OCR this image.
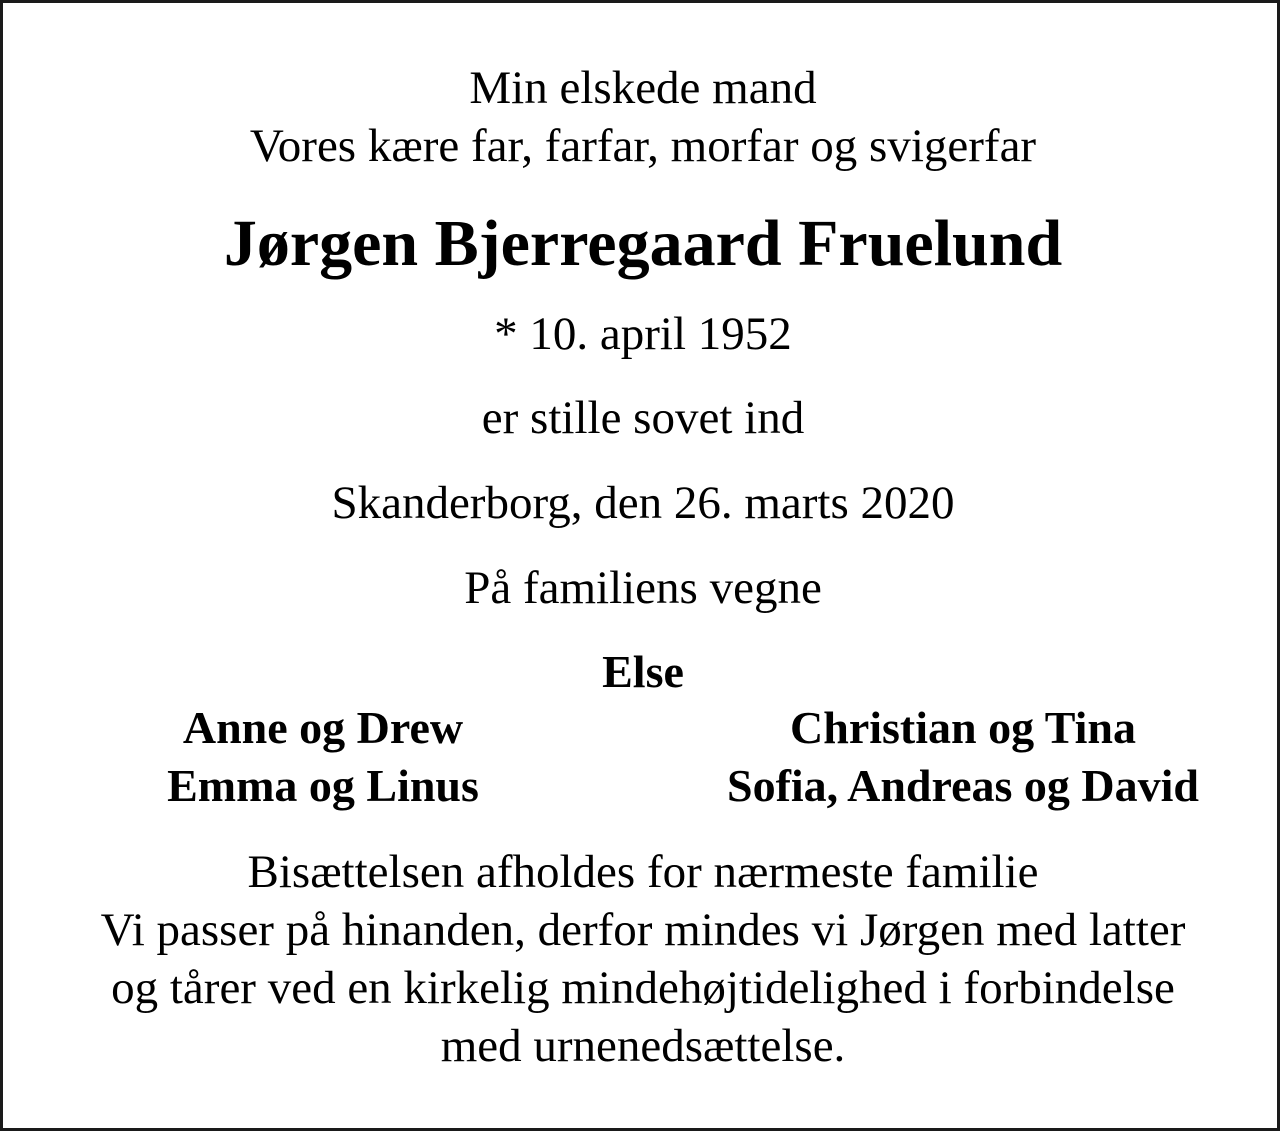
Min elskede mand
Vores kære far, farfar, morfar og svigerfar
Jørgen Bjerregaard Fruelund
* 10. april 1952
er stille sovet ind
Skanderborg, den 26. marts 2020
På familiens vegne
Else
Anne og Drew	Christian og Tina
Emma og Linus	Sofia, Andreas og David
Bisættelsen afholdes for nærmeste familie
Vi passer på hinanden, derfor mindes vi Jørgen med latter
og tårer ved en kirkelig mindehøjtidelighed i forbindelse
med urnenedsættelse.
